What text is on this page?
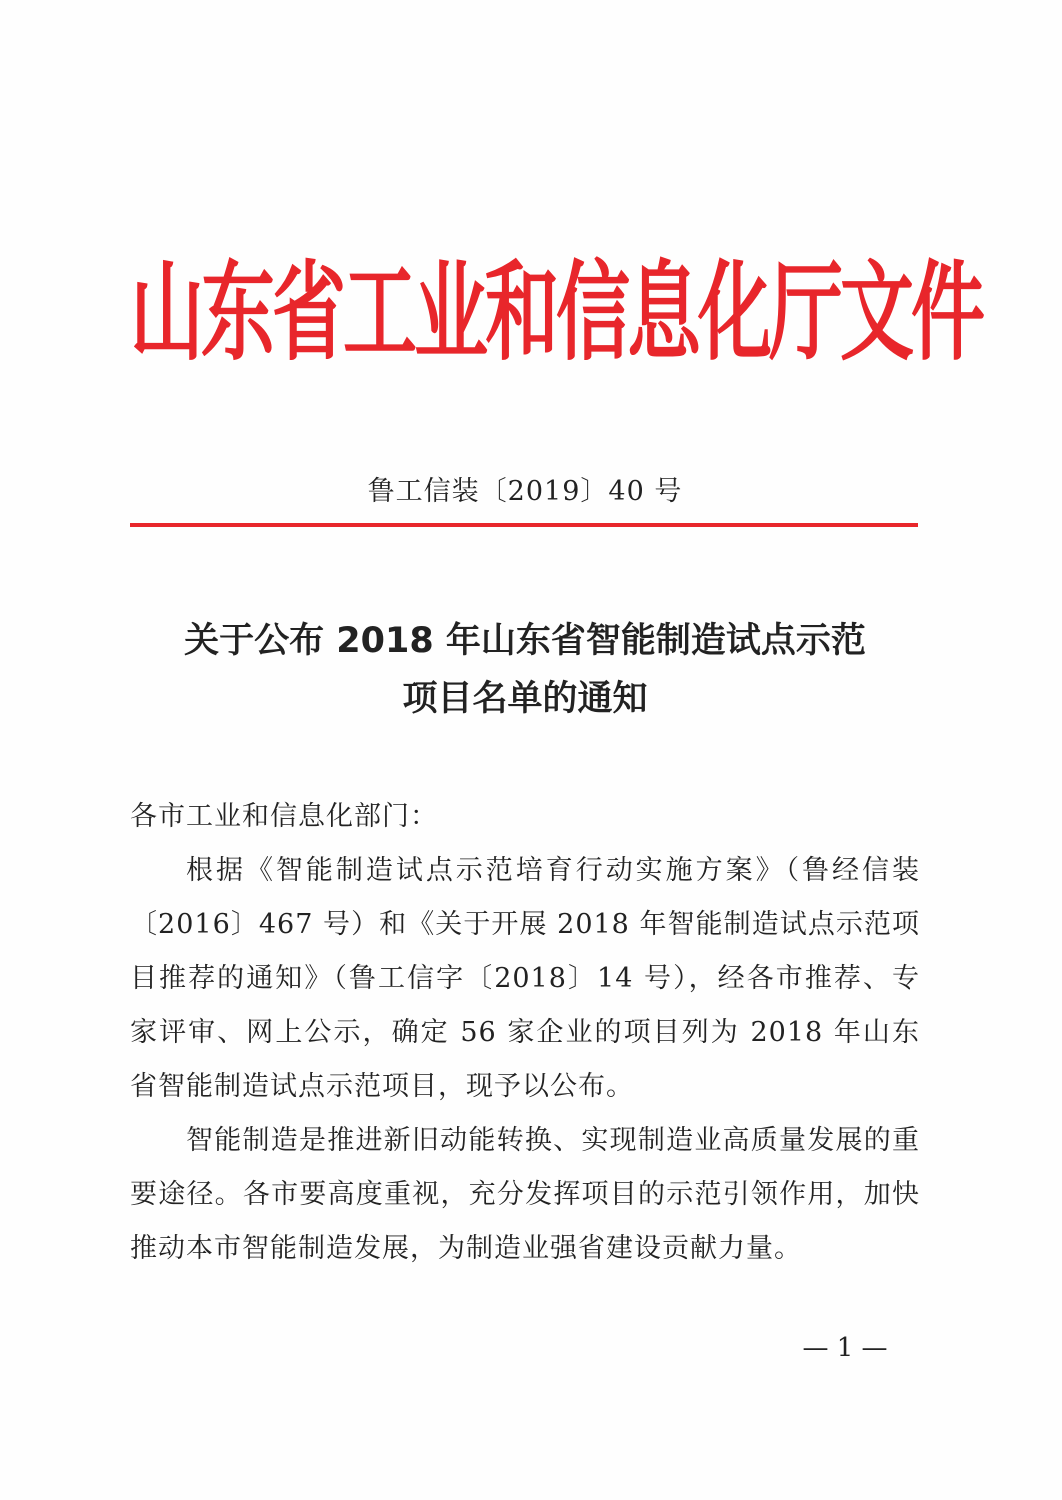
山东省工业和信息化厅文件
鲁工信装〔2019〕40 号
关于公布 2018 年山东省智能制造试点示范
项目名单的通知

各市工业和信息化部门：

根据《智能制造试点示范培育行动实施方案》（鲁经信装〔2016〕467 号）和《关于开展 2018 年智能制造试点示范项目推荐的通知》（鲁工信字〔2018〕14 号），经各市推荐、专家评审、网上公示，确定 56 家企业的项目列为 2018 年山东省智能制造试点示范项目，现予以公布。

智能制造是推进新旧动能转换、实现制造业高质量发展的重要途径。各市要高度重视，充分发挥项目的示范引领作用，加快推动本市智能制造发展，为制造业强省建设贡献力量。

— 1 —
